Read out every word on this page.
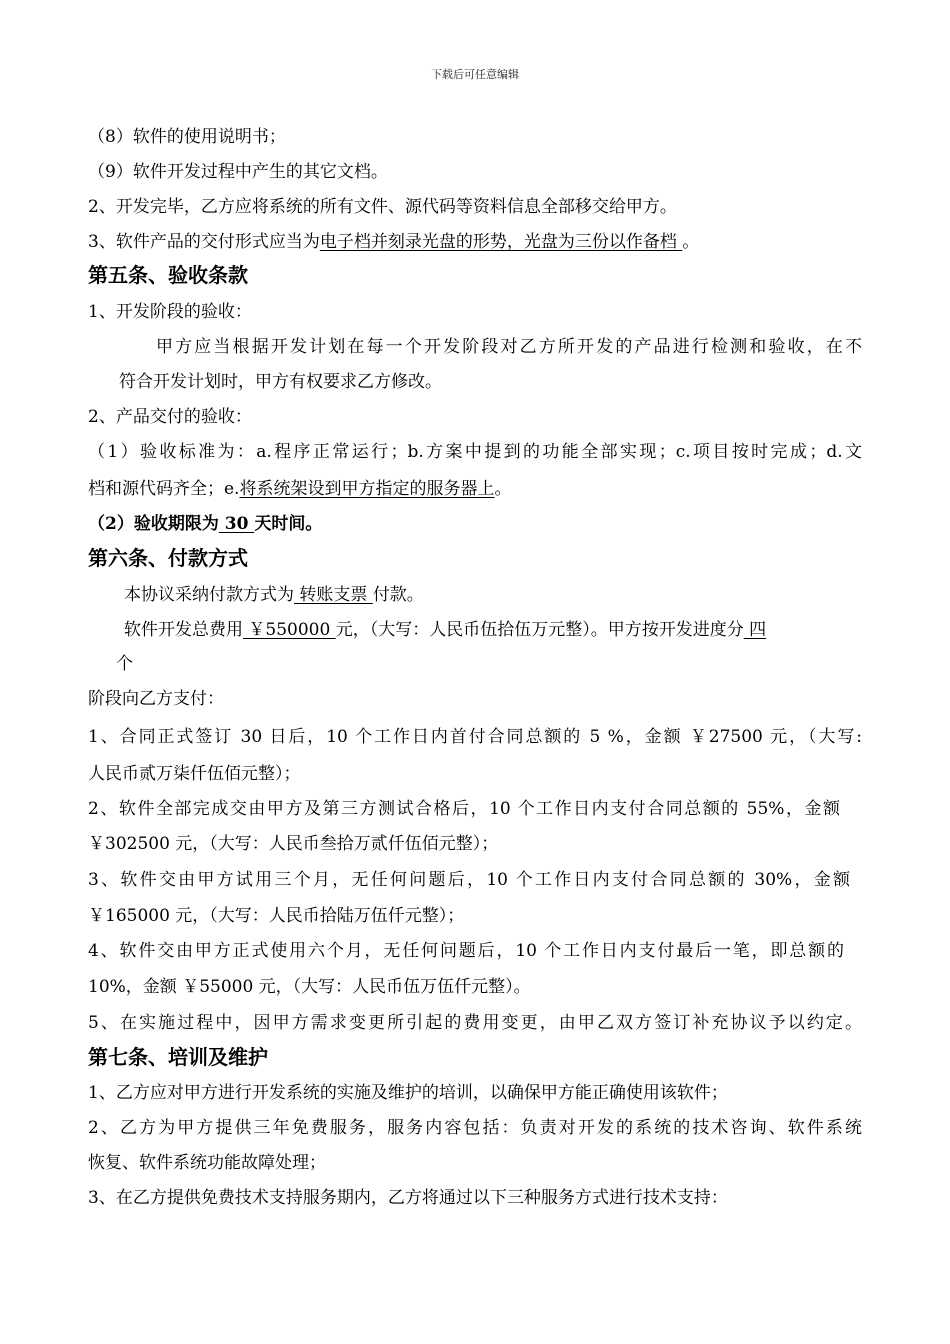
下载后可任意编辑
（8）软件的使用说明书；
（9）软件开发过程中产生的其它文档。
2、开发完毕，乙方应将系统的所有文件、源代码等资料信息全部移交给甲方。
3、软件产品的交付形式应当为电子档并刻录光盘的形势，光盘为三份以作备档 。
第五条、验收条款
1、开发阶段的验收：
甲方应当根据开发计划在每一个开发阶段对乙方所开发的产品进行检测和验收，在不
符合开发计划时，甲方有权要求乙方修改。
2、产品交付的验收：
（1）验收标准为：a.程序正常运行；b.方案中提到的功能全部实现；c.项目按时完成；d.文
档和源代码齐全；e.将系统架设到甲方指定的服务器上。
（2）验收期限为 30 天时间。
第六条、付款方式
本协议采纳付款方式为 转账支票 付款。
软件开发总费用 ￥550000 元，（大写：人民币伍拾伍万元整）。甲方按开发进度分 四
个
阶段向乙方支付：
1、合同正式签订 30 日后，10 个工作日内首付合同总额的 5 %，金额 ￥27500 元，（大写:
人民币贰万柒仟伍佰元整）；
2、软件全部完成交由甲方及第三方测试合格后，10 个工作日内支付合同总额的 55%，金额
￥302500 元，（大写：人民币叁拾万贰仟伍佰元整）；
3、软件交由甲方试用三个月，无任何问题后，10 个工作日内支付合同总额的 30%，金额
￥165000 元，（大写：人民币拾陆万伍仟元整）；
4、软件交由甲方正式使用六个月，无任何问题后，10 个工作日内支付最后一笔，即总额的
10%，金额 ￥55000 元，（大写：人民币伍万伍仟元整）。
5、在实施过程中，因甲方需求变更所引起的费用变更，由甲乙双方签订补充协议予以约定。
第七条、培训及维护
1、乙方应对甲方进行开发系统的实施及维护的培训，以确保甲方能正确使用该软件；
2、乙方为甲方提供三年免费服务，服务内容包括：负责对开发的系统的技术咨询、软件系统
恢复、软件系统功能故障处理；
3、在乙方提供免费技术支持服务期内，乙方将通过以下三种服务方式进行技术支持：
